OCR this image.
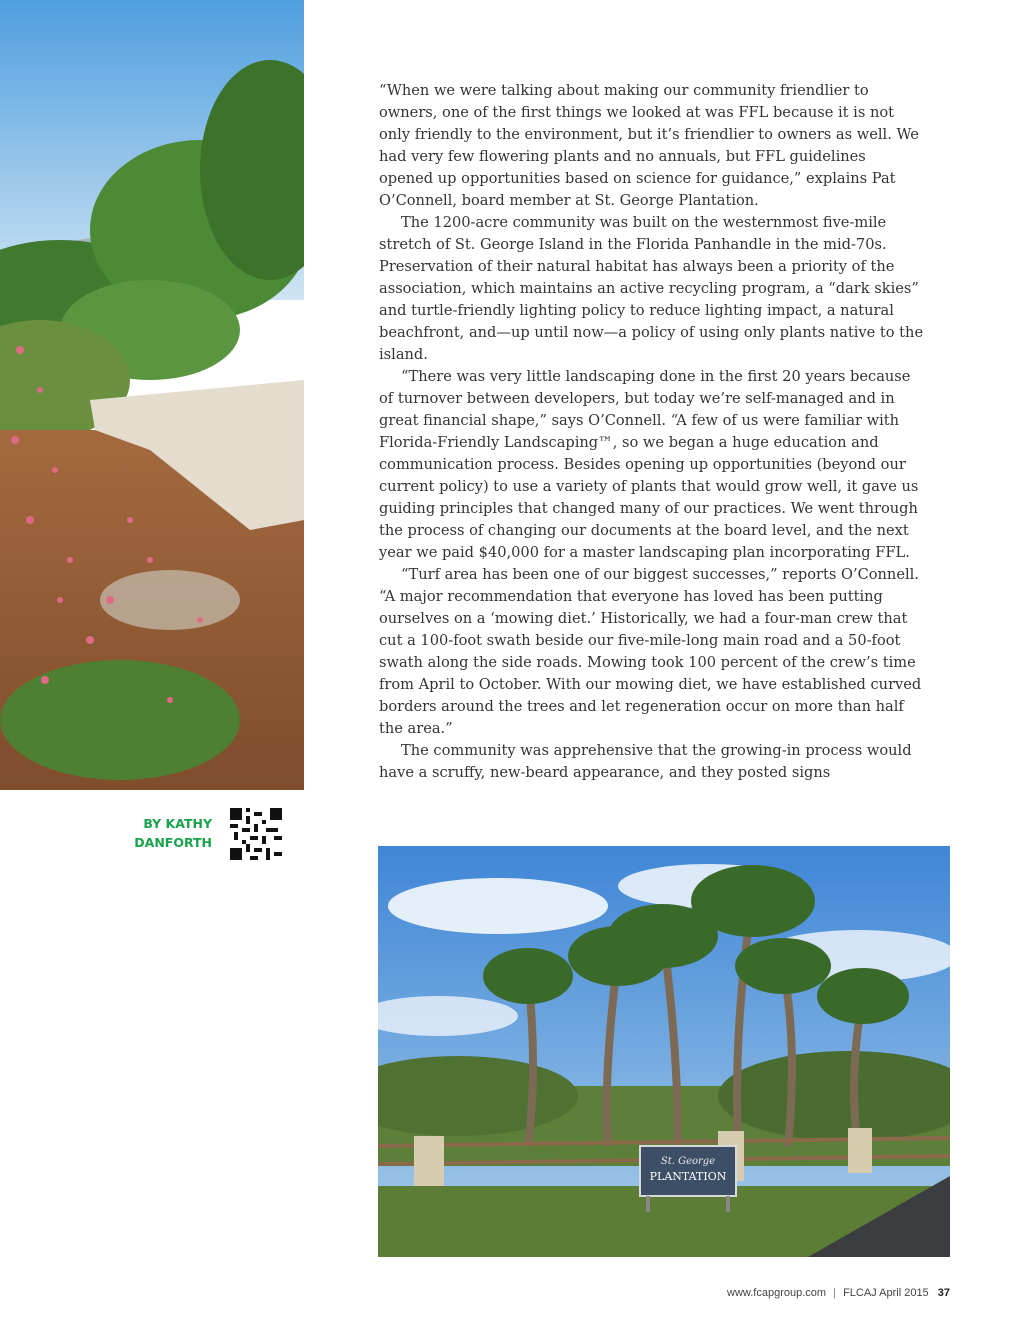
“When we were talking about making our community friendlier to owners, one of the first things we looked at was FFL because it is not only friendly to the environment, but it’s friendlier to owners as well. We had very few flowering plants and no annuals, but FFL guidelines opened up opportunities based on science for guidance,” explains Pat O’Connell, board member at St. George Plantation.

The 1200-acre community was built on the westernmost five-mile stretch of St. George Island in the Florida Panhandle in the mid-70s. Preservation of their natural habitat has always been a priority of the association, which maintains an active recycling program, a “dark skies” and turtle-friendly lighting policy to reduce lighting impact, a natural beachfront, and—up until now—a policy of using only plants native to the island.

“There was very little landscaping done in the first 20 years because of turnover between developers, but today we’re self-managed and in great financial shape,” says O’Connell. “A few of us were familiar with Florida-Friendly Landscaping™, so we began a huge education and communication process. Besides opening up opportunities (beyond our current policy) to use a variety of plants that would grow well, it gave us guiding principles that changed many of our practices. We went through the process of changing our documents at the board level, and the next year we paid $40,000 for a master landscaping plan incorporating FFL.

“Turf area has been one of our biggest successes,” reports O’Connell. “A major recommendation that everyone has loved has been putting ourselves on a ‘mowing diet.’ Historically, we had a four-man crew that cut a 100-foot swath beside our five-mile-long main road and a 50-foot swath along the side roads. Mowing took 100 percent of the crew’s time from April to October. With our mowing diet, we have established curved borders around the trees and let regeneration occur on more than half the area.”

The community was apprehensive that the growing-in process would have a scruffy, new-beard appearance, and they posted signs

BY KATHY
DANFORTH
St. George
PLANTATION
www.fcapgroup.com | FLCAJ April 2015 37
